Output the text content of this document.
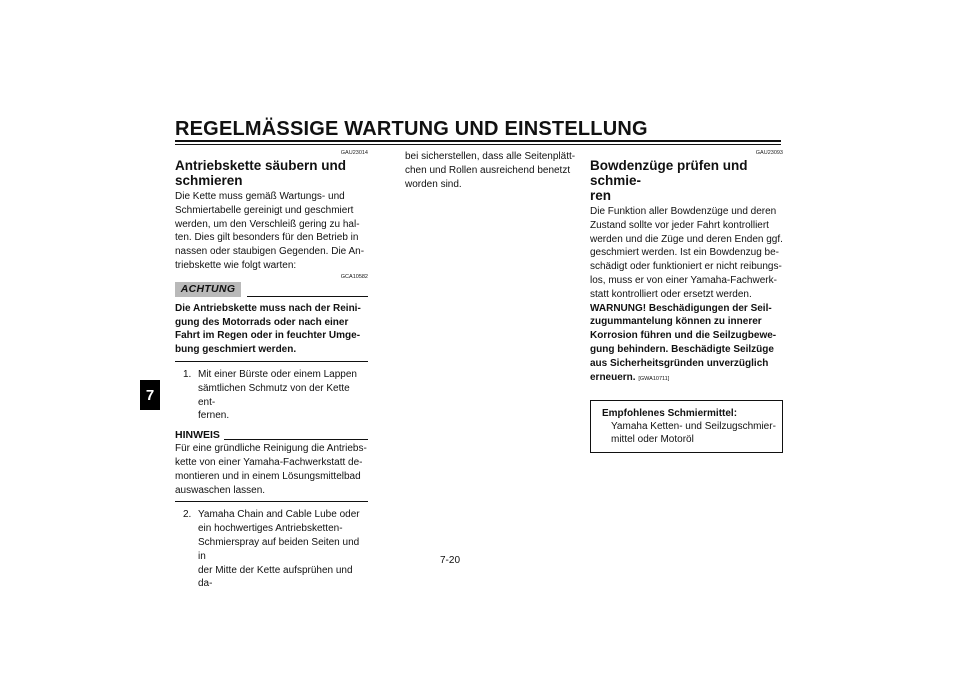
REGELMÄSSIGE WARTUNG UND EINSTELLUNG
7
GAU23014
Antriebskette säubern und
schmieren

Die Kette muss gemäß Wartungs- und
Schmiertabelle gereinigt und geschmiert
werden, um den Verschleiß gering zu hal-
ten. Dies gilt besonders für den Betrieb in
nassen oder staubigen Gegenden. Die An-
triebskette wie folgt warten:

GCA10582
ACHTUNG

Die Antriebskette muss nach der Reini-
gung des Motorrads oder nach einer
Fahrt im Regen oder in feuchter Umge-
bung geschmiert werden.

1. Mit einer Bürste oder einem Lappen
sämtlichen Schmutz von der Kette ent-
fernen.
HINWEIS

Für eine gründliche Reinigung die Antriebs-
kette von einer Yamaha-Fachwerkstatt de-
montieren und in einem Lösungsmittelbad
auswaschen lassen.

2. Yamaha Chain and Cable Lube oder
ein hochwertiges Antriebsketten-
Schmierspray auf beiden Seiten und in
der Mitte der Kette aufsprühen und da-

bei sicherstellen, dass alle Seitenplätt-
chen und Rollen ausreichend benetzt
worden sind.

GAU23093
Bowdenzüge prüfen und schmie-
ren

Die Funktion aller Bowdenzüge und deren
Zustand sollte vor jeder Fahrt kontrolliert
werden und die Züge und deren Enden ggf.
geschmiert werden. Ist ein Bowdenzug be-
schädigt oder funktioniert er nicht reibungs-
los, muss er von einer Yamaha-Fachwerk-
statt kontrolliert oder ersetzt werden.

WARNUNG! Beschädigungen der Seil-
zugummantelung können zu innerer
Korrosion führen und die Seilzugbewe-
gung behindern. Beschädigte Seilzüge
aus Sicherheitsgründen unverzüglich
erneuern. [GWA10711]

Empfohlenes Schmiermittel:
Yamaha Ketten- und Seilzugschmier-
mittel oder Motoröl
7-20
